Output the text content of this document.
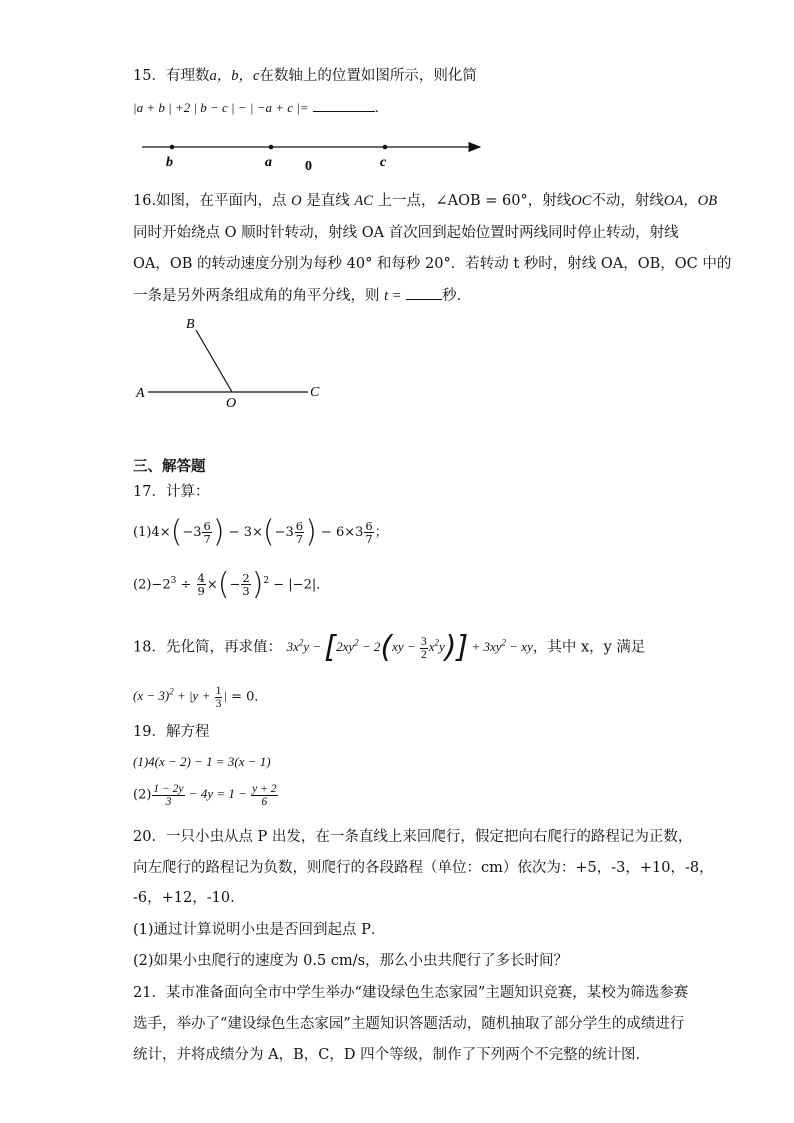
15．有理数a，b，c在数轴上的位置如图所示，则化简
|a + b | +2 | b − c | − | −a + c |=	.
b	a 0	c
16.如图，在平面内，点 O 是直线 AC 上一点，∠AOB = 60°，射线OC不动，射线OA，OB
同时开始绕点 O 顺时针转动，射线 OA 首次回到起始位置时两线同时停止转动，射线
OA，OB 的转动速度分别为每秒 40° 和每秒 20°．若转动 t 秒时，射线 OA，OB，OC 中的
一条是另外两条组成角的角平分线，则 t =	秒．
A
B
C
O
三、解答题
17．计算：
$(1)4\times(-3 \frac{6}{7}$ ) − $3\times(-3 \frac{6}{7}$ ) − $6\times 3 \frac{6}{7}$ ；
$(2)-2^3 \div \frac{4}{9}$ ×(− $\frac{2}{3} )^2 - |-2|$．
18．先化简，再求值： $3x^2y - [2xy^2 - 2(xy - \frac{3}{2} x^2y)] + 3xy^2$ − xy，其中 x，y 满足
$(x - 3)^2 + |y + \frac{1}{3}$ | = 0．
19．解方程
(1)4(x − 2) − 1 = 3(x − 1)
$(2) \frac{1 - 2y}{3} - 4y = 1 - \frac{y + 2}{6}$
20．一只小虫从点 P 出发，在一条直线上来回爬行，假定把向右爬行的路程记为正数，
向左爬行的路程记为负数，则爬行的各段路程（单位：cm）依次为：+5，-3，+10，-8，
-6，+12，-10.
(1)通过计算说明小虫是否回到起点 P．
(2)如果小虫爬行的速度为 0.5 cm/s，那么小虫共爬行了多长时间？
21．某市准备面向全市中学生举办“建设绿色生态家园”主题知识竞赛，某校为筛选参赛
选手，举办了“建设绿色生态家园”主题知识答题活动，随机抽取了部分学生的成绩进行
统计，并将成绩分为 A，B，C，D 四个等级，制作了下列两个不完整的统计图．
